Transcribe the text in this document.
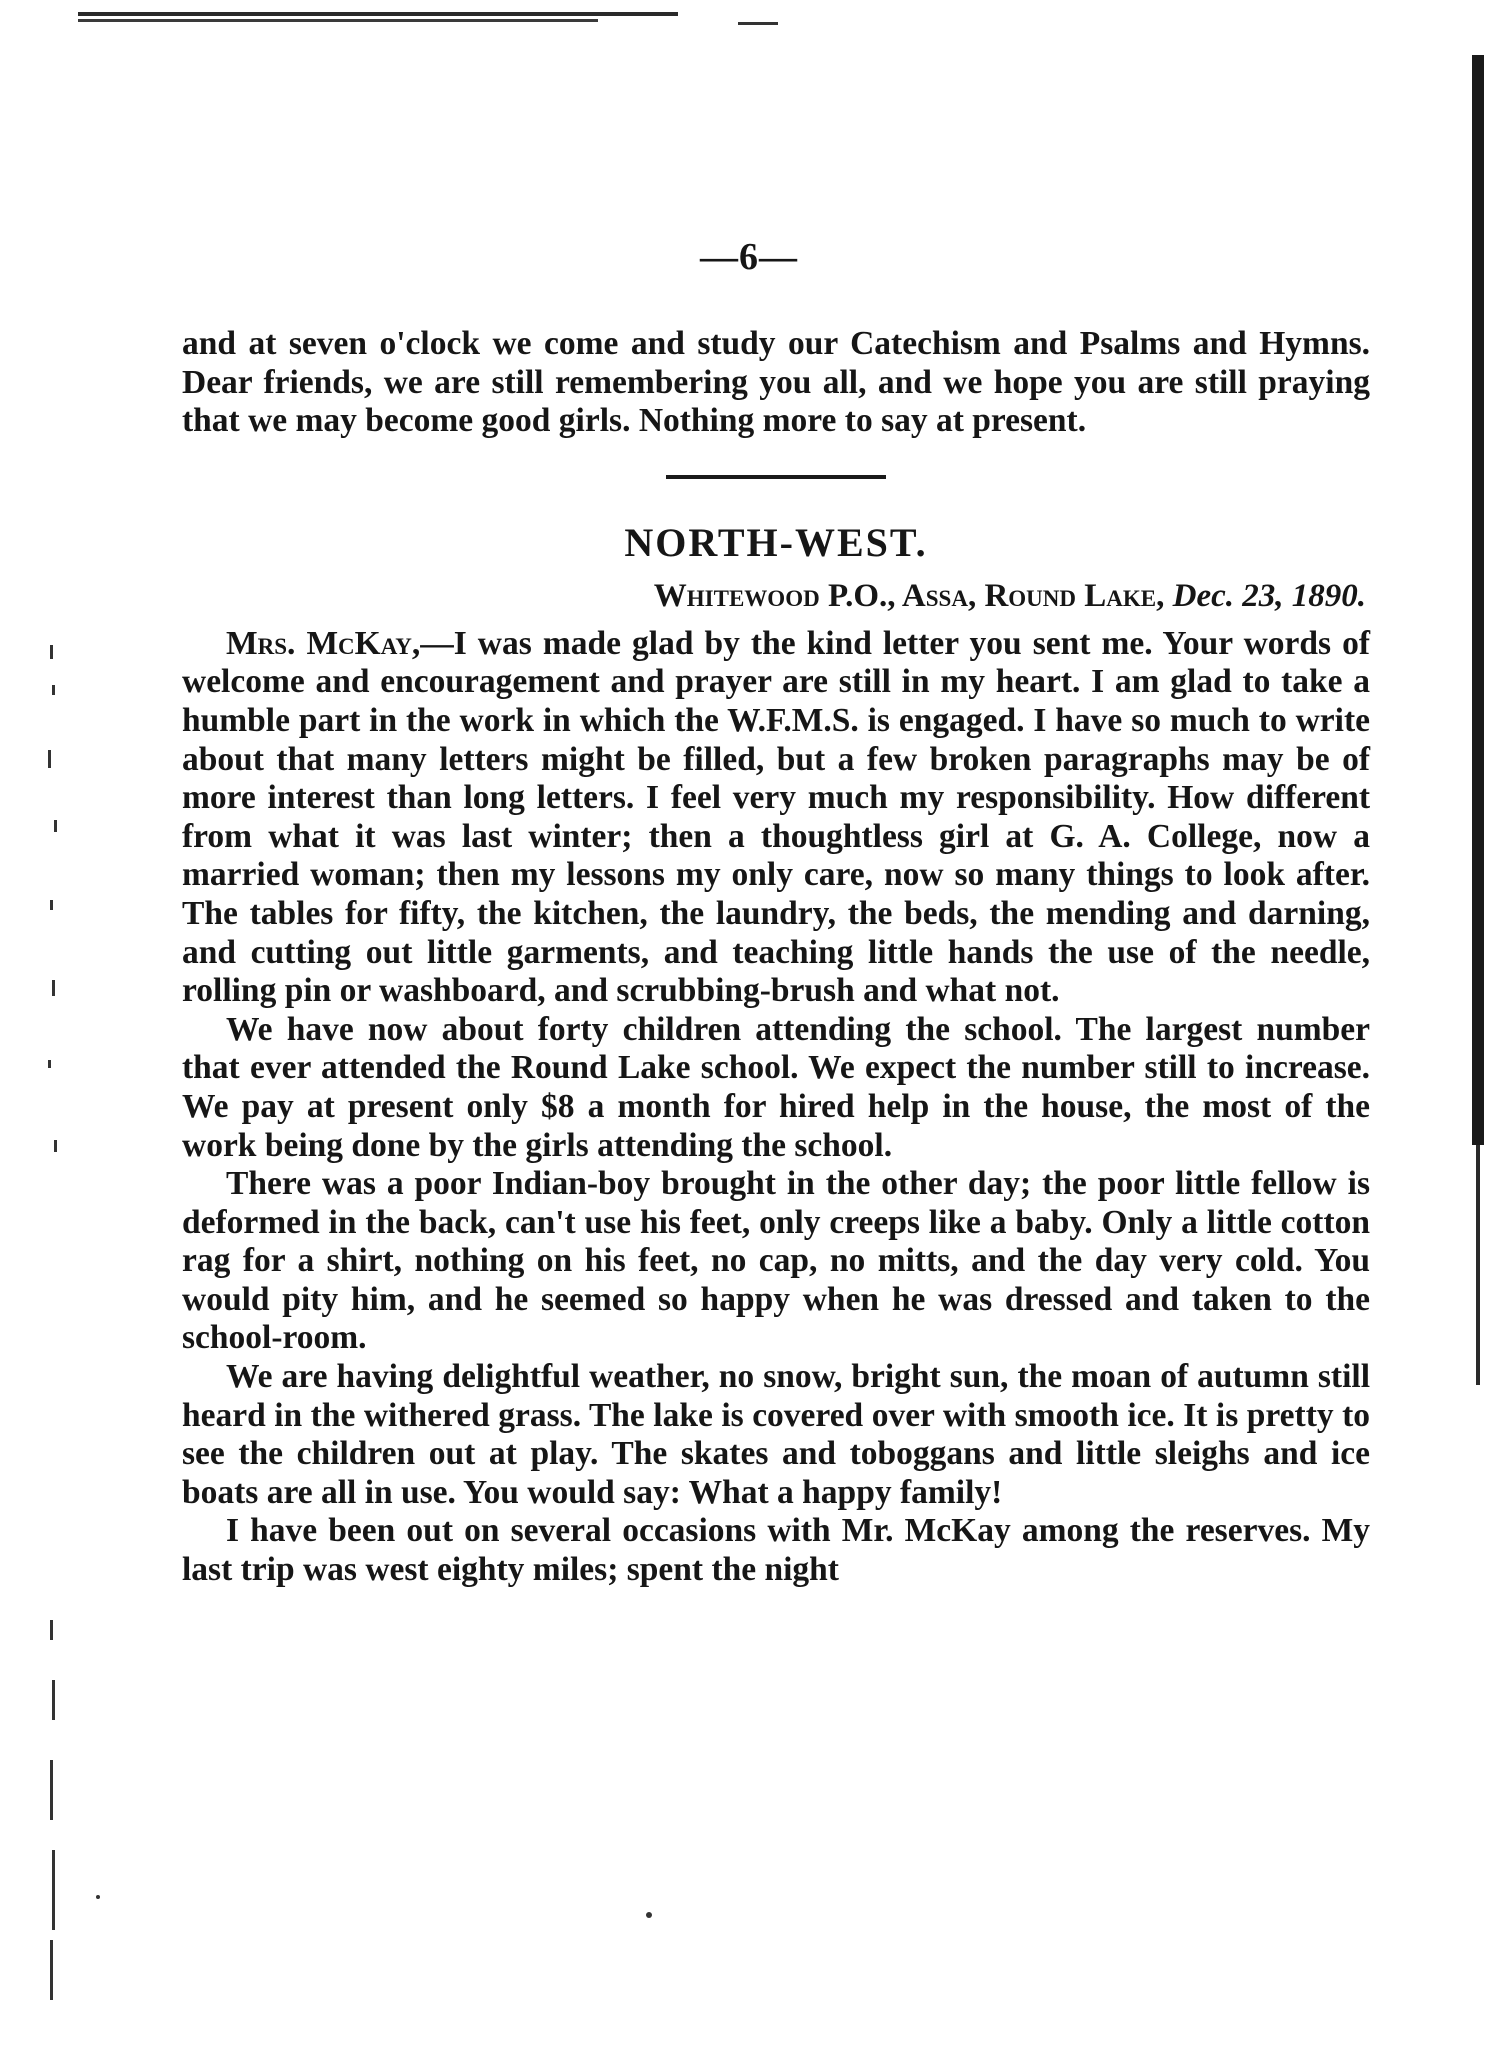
—6—

and at seven o'clock we come and study our Catechism and Psalms and Hymns. Dear friends, we are still remembering you all, and we hope you are still praying that we may become good girls. Nothing more to say at present.

NORTH-WEST.
Whitewood P.O., Assa, Round Lake, Dec. 23, 1890.

Mrs. McKay,—I was made glad by the kind letter you sent me. Your words of welcome and encouragement and prayer are still in my heart. I am glad to take a humble part in the work in which the W.F.M.S. is engaged. I have so much to write about that many letters might be filled, but a few broken paragraphs may be of more interest than long letters. I feel very much my responsibility. How different from what it was last winter; then a thoughtless girl at G. A. College, now a married woman; then my lessons my only care, now so many things to look after. The tables for fifty, the kitchen, the laundry, the beds, the mending and darning, and cutting out little garments, and teaching little hands the use of the needle, rolling pin or washboard, and scrubbing-brush and what not.

We have now about forty children attending the school. The largest number that ever attended the Round Lake school. We expect the number still to increase. We pay at present only $8 a month for hired help in the house, the most of the work being done by the girls attending the school.

There was a poor Indian-boy brought in the other day; the poor little fellow is deformed in the back, can't use his feet, only creeps like a baby. Only a little cotton rag for a shirt, nothing on his feet, no cap, no mitts, and the day very cold. You would pity him, and he seemed so happy when he was dressed and taken to the school-room.

We are having delightful weather, no snow, bright sun, the moan of autumn still heard in the withered grass. The lake is covered over with smooth ice. It is pretty to see the children out at play. The skates and toboggans and little sleighs and ice boats are all in use. You would say: What a happy family!

I have been out on several occasions with Mr. McKay among the reserves. My last trip was west eighty miles; spent the night
